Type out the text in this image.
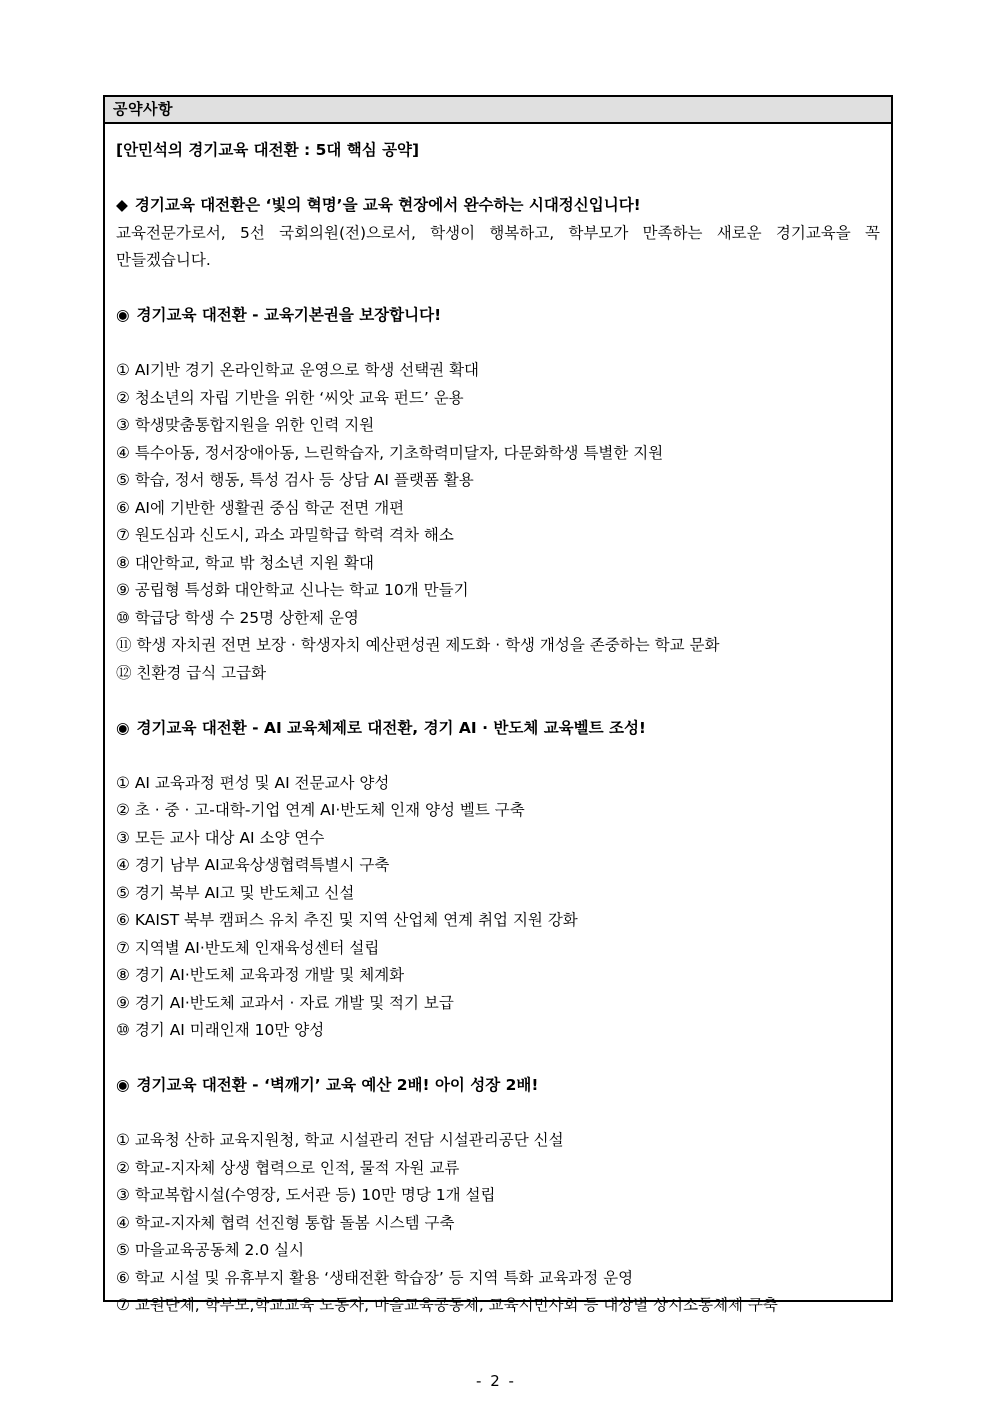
공약사항
[안민석의 경기교육 대전환 : 5대 핵심 공약]
◆ 경기교육 대전환은 ‘빛의 혁명’을 교육 현장에서 완수하는 시대정신입니다!
교육전문가로서, 5선 국회의원(전)으로서, 학생이 행복하고, 학부모가 만족하는 새로운 경기교육을 꼭 만들겠습니다.
◉ 경기교육 대전환 - 교육기본권을 보장합니다!
① AI기반 경기 온라인학교 운영으로 학생 선택권 확대
② 청소년의 자립 기반을 위한 ‘씨앗 교육 펀드’ 운용
③ 학생맞춤통합지원을 위한 인력 지원
④ 특수아동, 정서장애아동, 느린학습자, 기초학력미달자, 다문화학생 특별한 지원
⑤ 학습, 정서 행동, 특성 검사 등 상담 AI 플랫폼 활용
⑥ AI에 기반한 생활권 중심 학군 전면 개편
⑦ 원도심과 신도시, 과소 과밀학급 학력 격차 해소
⑧ 대안학교, 학교 밖 청소년 지원 확대
⑨ 공립형 특성화 대안학교 신나는 학교 10개 만들기
⑩ 학급당 학생 수 25명 상한제 운영
⑪ 학생 자치권 전면 보장 · 학생자치 예산편성권 제도화 · 학생 개성을 존중하는 학교 문화
⑫ 친환경 급식 고급화
◉ 경기교육 대전환 - AI 교육체제로 대전환, 경기 AI · 반도체 교육벨트 조성!
① AI 교육과정 편성 및 AI 전문교사 양성
② 초 · 중 · 고-대학-기업 연계 AI·반도체 인재 양성 벨트 구축
③ 모든 교사 대상 AI 소양 연수
④ 경기 남부 AI교육상생협력특별시 구축
⑤ 경기 북부 AI고 및 반도체고 신설
⑥ KAIST 북부 캠퍼스 유치 추진 및 지역 산업체 연계 취업 지원 강화
⑦ 지역별 AI·반도체 인재육성센터 설립
⑧ 경기 AI·반도체 교육과정 개발 및 체계화
⑨ 경기 AI·반도체 교과서 · 자료 개발 및 적기 보급
⑩ 경기 AI 미래인재 10만 양성
◉ 경기교육 대전환 - ‘벽깨기’ 교육 예산 2배! 아이 성장 2배!
① 교육청 산하 교육지원청, 학교 시설관리 전담 시설관리공단 신설
② 학교-지자체 상생 협력으로 인적, 물적 자원 교류
③ 학교복합시설(수영장, 도서관 등) 10만 명당 1개 설립
④ 학교-지자체 협력 선진형 통합 돌봄 시스템 구축
⑤ 마을교육공동체 2.0 실시
⑥ 학교 시설 및 유휴부지 활용 ‘생태전환 학습장’ 등 지역 특화 교육과정 운영
⑦ 교원단체, 학부모,학교교육 노동자, 마을교육공동체, 교육시민사회 등 대상별 상시소통체제 구축
- 2 -
